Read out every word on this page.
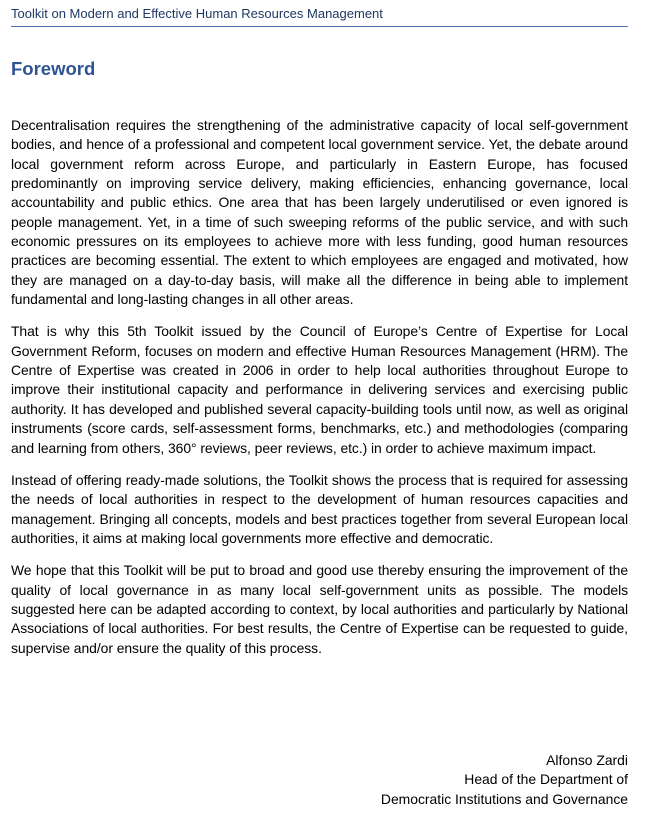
Toolkit on Modern and Effective Human Resources Management
Foreword

Decentralisation requires the strengthening of the administrative capacity of local self-government bodies, and hence of a professional and competent local government service. Yet, the debate around local government reform across Europe, and particularly in Eastern Europe, has focused predominantly on improving service delivery, making efficiencies, enhancing governance, local accountability and public ethics. One area that has been largely underutilised or even ignored is people management. Yet, in a time of such sweeping reforms of the public service, and with such economic pressures on its employees to achieve more with less funding, good human resources practices are becoming essential. The extent to which employees are engaged and motivated, how they are managed on a day-to-day basis, will make all the difference in being able to implement fundamental and long-lasting changes in all other areas.

That is why this 5th Toolkit issued by the Council of Europe’s Centre of Expertise for Local Government Reform, focuses on modern and effective Human Resources Management (HRM). The Centre of Expertise was created in 2006 in order to help local authorities throughout Europe to improve their institutional capacity and performance in delivering services and exercising public authority. It has developed and published several capacity-building tools until now, as well as original instruments (score cards, self-assessment forms, benchmarks, etc.) and methodologies (comparing and learning from others, 360° reviews, peer reviews, etc.) in order to achieve maximum impact.

Instead of offering ready-made solutions, the Toolkit shows the process that is required for assessing the needs of local authorities in respect to the development of human resources capacities and management. Bringing all concepts, models and best practices together from several European local authorities, it aims at making local governments more effective and democratic.

We hope that this Toolkit will be put to broad and good use thereby ensuring the improvement of the quality of local governance in as many local self-government units as possible. The models suggested here can be adapted according to context, by local authorities and particularly by National Associations of local authorities. For best results, the Centre of Expertise can be requested to guide, supervise and/or ensure the quality of this process.

Alfonso Zardi
Head of the Department of
Democratic Institutions and Governance
